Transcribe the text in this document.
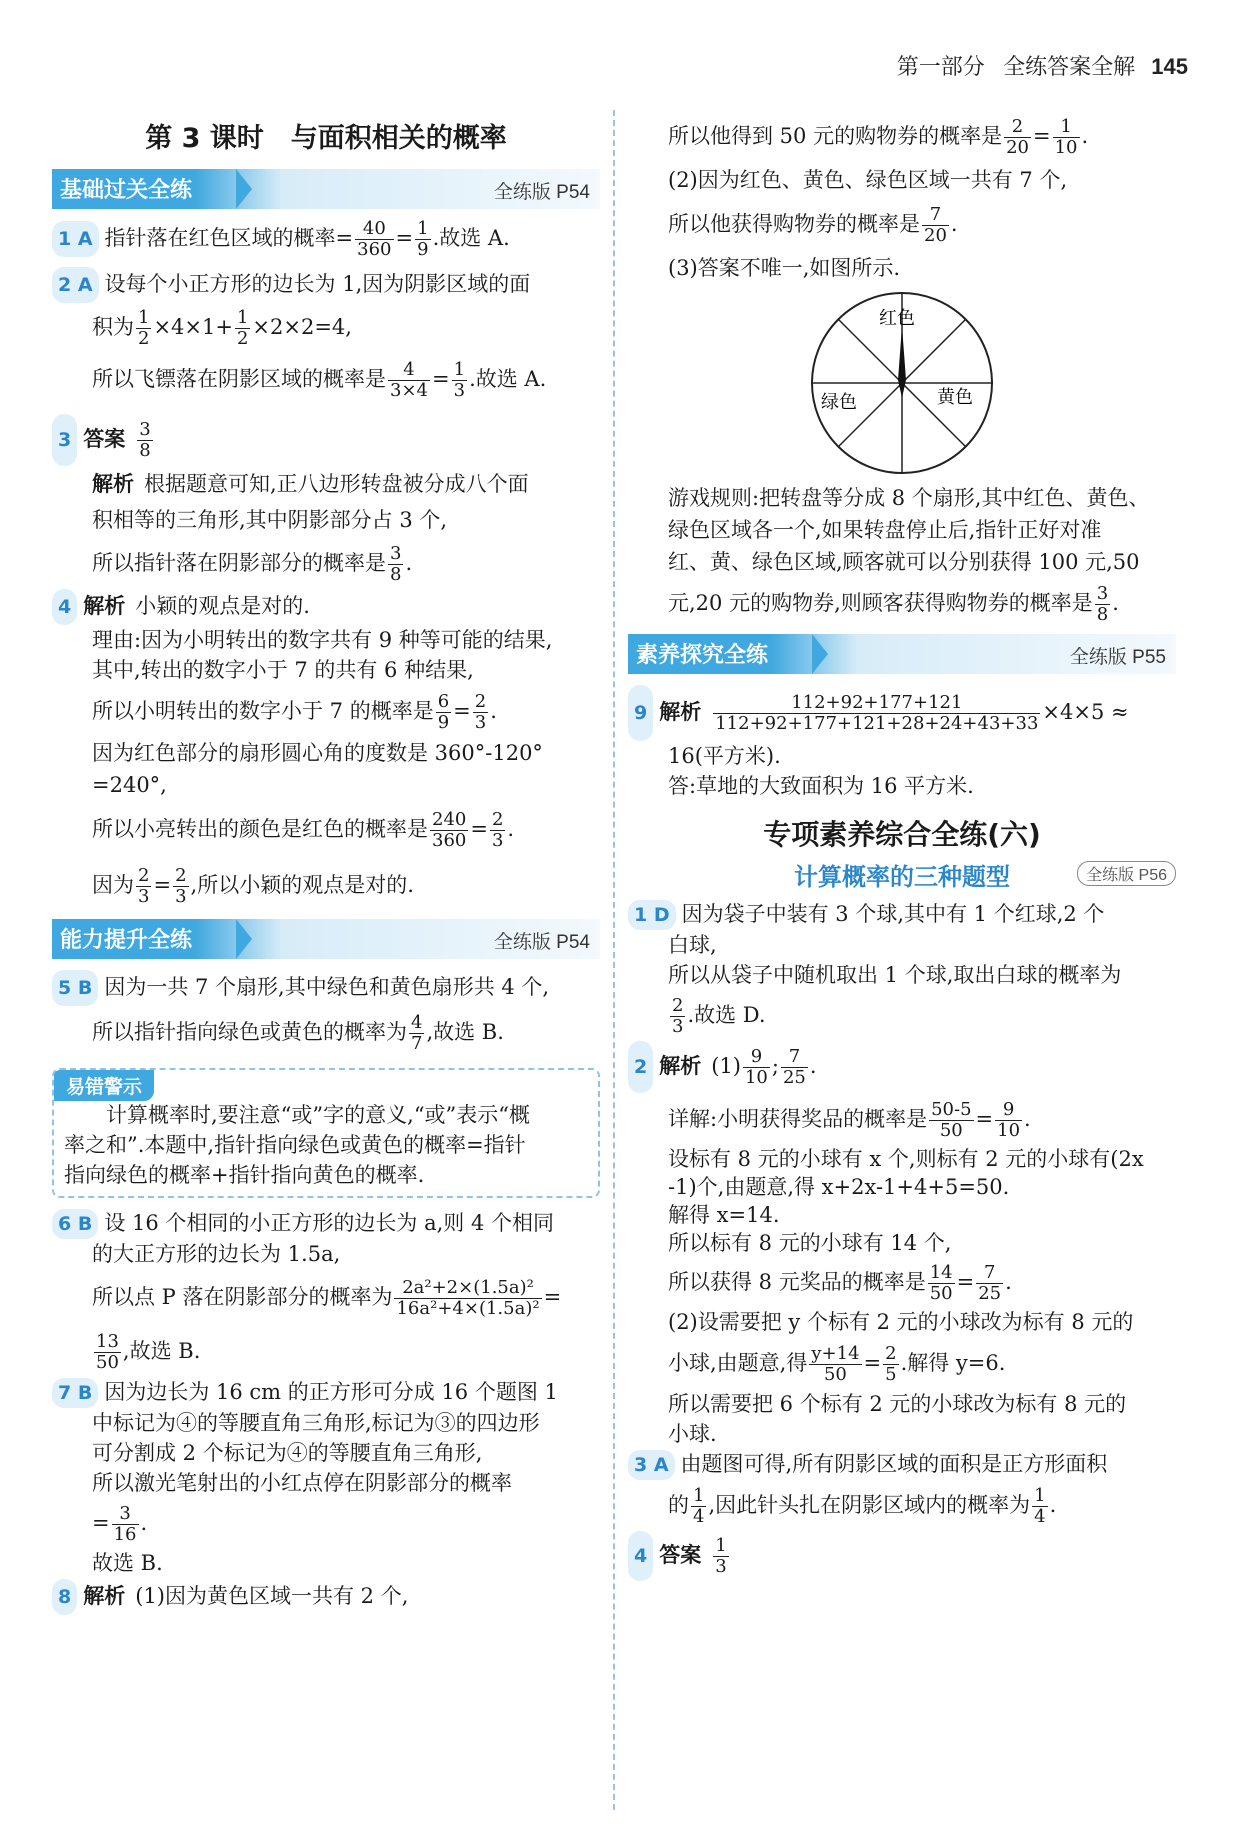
第一部分 全练答案全解 145
第 3 课时　与面积相关的概率
基础过关全练	全练版 P54
1 A 指针落在红色区域的概率= $\frac{40}{360} = \frac{1}{9}$ .故选 A.
2 A 设每个小正方形的边长为 1,因为阴影区域的面
积为 $\frac{1}{2} \times 4\times 1+ \frac{1}{2} \times 2\times 2=4$,
所以飞镖落在阴影区域的概率是 $\frac{4}{3\times 4} = \frac{1}{3}$ .故选 A.
3 答案 $\frac{3}{8}$
解析 根据题意可知,正八边形转盘被分成八个面
积相等的三角形,其中阴影部分占 3 个,
所以指针落在阴影部分的概率是 $\frac{3}{8}$ .
4 解析 小颖的观点是对的.
理由:因为小明转出的数字共有 9 种等可能的结果,
其中,转出的数字小于 7 的共有 6 种结果,
所以小明转出的数字小于 7 的概率是 $\frac{6}{9} = \frac{2}{3}$ .
因为红色部分的扇形圆心角的度数是 360°-120°
=240°,
所以小亮转出的颜色是红色的概率是 $\frac{240}{360} = \frac{2}{3}$ .
因为 $\frac{2}{3} = \frac{2}{3}$ ,所以小颖的观点是对的.
能力提升全练	全练版 P54
5 B 因为一共 7 个扇形,其中绿色和黄色扇形共 4 个,
所以指针指向绿色或黄色的概率为 $\frac{4}{7}$ ,故选 B.
易错警示
计算概率时,要注意“或”字的意义,“或”表示“概
率之和”.本题中,指针指向绿色或黄色的概率=指针
指向绿色的概率+指针指向黄色的概率.
6 B 设 16 个相同的小正方形的边长为 a,则 4 个相同
的大正方形的边长为 1.5a,
所以点 P 落在阴影部分的概率为 $\frac{\text{2a²+2×(1.5a)²}}{\text{16a²+4×(1.5a)²}}$ =
$\frac{13}{50}$ ,故选 B.
7 B 因为边长为 16 cm 的正方形可分成 16 个题图 1
中标记为④的等腰直角三角形,标记为③的四边形
可分割成 2 个标记为④的等腰直角三角形,
所以激光笔射出的小红点停在阴影部分的概率
= $\frac{3}{16}$ .
故选 B.
8 解析 (1)因为黄色区域一共有 2 个,
所以他得到 50 元的购物券的概率是 $\frac{2}{20} = \frac{1}{10}$ .
(2)因为红色、黄色、绿色区域一共有 7 个,
所以他获得购物券的概率是 $\frac{7}{20}$ .
(3)答案不唯一,如图所示.
红色
绿色	黄色
游戏规则:把转盘等分成 8 个扇形,其中红色、黄色、
绿色区域各一个,如果转盘停止后,指针正好对准
红、黄、绿色区域,顾客就可以分别获得 100 元,50
元,20 元的购物券,则顾客获得购物券的概率是 $\frac{3}{8}$ .
素养探究全练	全练版 P55
9 解析 $\frac{112+92+177+121}{112+92+177+121+28+24+43+33} \times 4\times 5$ ≈
16(平方米).
答:草地的大致面积为 16 平方米.
专项素养综合全练(六)
计算概率的三种题型	全练版 P56
1 D 因为袋子中装有 3 个球,其中有 1 个红球,2 个
白球,
所以从袋子中随机取出 1 个球,取出白球的概率为
$\frac{2}{3}$ .故选 D.
2 解析 $(1) \frac{9}{10}$ ; $\frac{7}{25}$ .
详解:小明获得奖品的概率是 $\frac{50-5}{50} = \frac{9}{10}$ .
设标有 8 元的小球有 x 个,则标有 2 元的小球有(2x
-1)个,由题意,得 x+2x-1+4+5=50.
解得 x=14.
所以标有 8 元的小球有 14 个,
所以获得 8 元奖品的概率是 $\frac{14}{50} = \frac{7}{25}$ .
(2)设需要把 y 个标有 2 元的小球改为标有 8 元的
小球,由题意,得 $\frac{y+14}{50} = \frac{2}{5}$ .解得 y=6.
所以需要把 6 个标有 2 元的小球改为标有 8 元的
小球.
3 A 由题图可得,所有阴影区域的面积是正方形面积
的 $\frac{1}{4}$ ,因此针头扎在阴影区域内的概率为 $\frac{1}{4}$ .
4 答案 $\frac{1}{3}$
